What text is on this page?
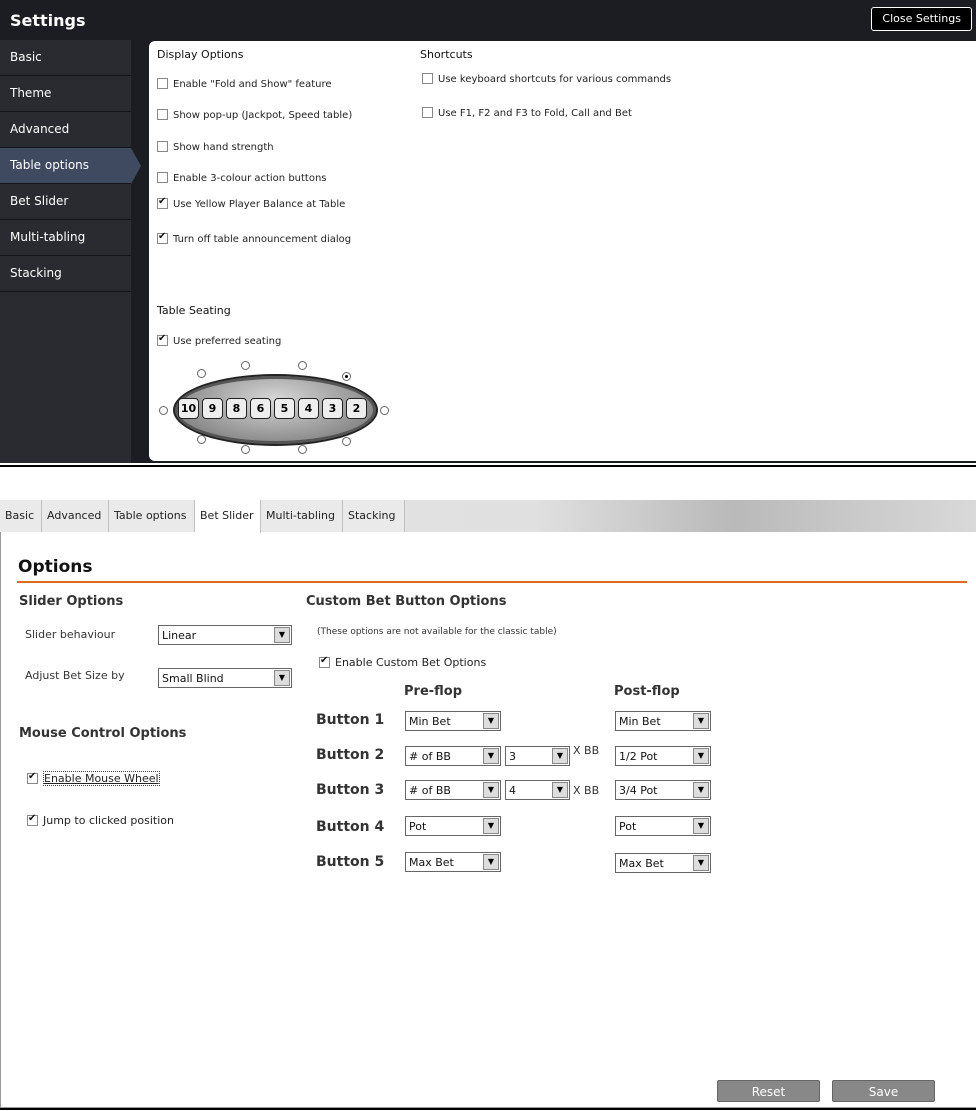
Settings	Close Settings
Basic
Theme
Advanced
Table options
Bet Slider
Multi-tabling
Stacking
Display Options	Shortcuts
Enable "Fold and Show" feature
Show pop-up (Jackpot, Speed table)
Show hand strength
Enable 3-colour action buttons
✔Use Yellow Player Balance at Table
✔Turn off table announcement dialog
Use keyboard shortcuts for various commands
Use F1, F2 and F3 to Fold, Call and Bet
Table Seating
✔Use preferred seating
10	9	8	6	5	4	3	2
Basic	Advanced	Table options	Bet Slider	Multi-tabling	Stacking
Options
Slider Options
Slider behaviour	Linear	▼
Adjust Bet Size by	Small Blind	▼
Mouse Control Options
✔Enable Mouse Wheel
✔Jump to clicked position
Custom Bet Button Options
(These options are not available for the classic table)
✔Enable Custom Bet Options
Pre-flop	Post-flop
Button 1	Min Bet	▼	Min Bet	▼
Button 2	# of BB	▼	3	▼ X BB	1/2 Pot	▼
Button 3	# of BB	▼	4	▼ X BB	3/4 Pot	▼
Button 4	Pot	▼	Pot	▼
Button 5	Max Bet	▼	Max Bet	▼
Reset	Save
